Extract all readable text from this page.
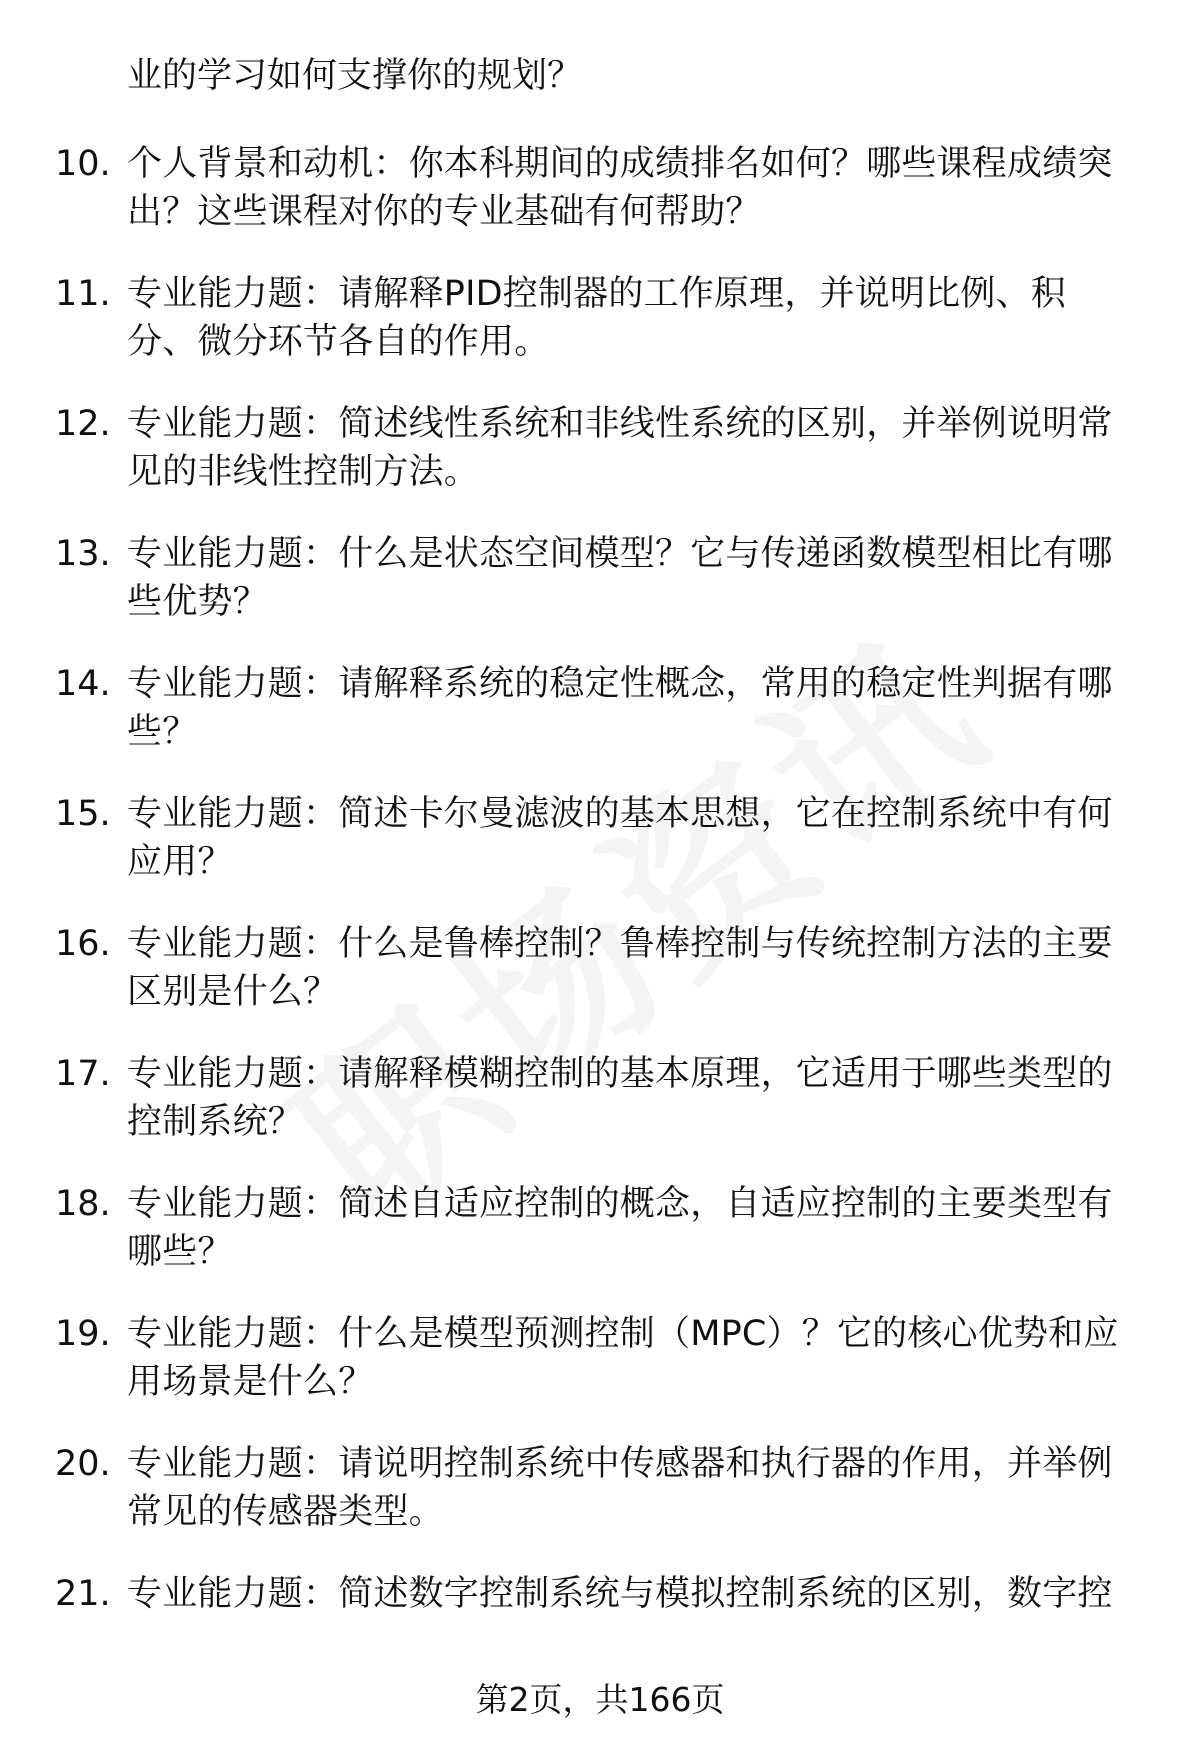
业的学习如何支撑你的规划？
10. 个人背景和动机：你本科期间的成绩排名如何？哪些课程成绩突
出？这些课程对你的专业基础有何帮助？
11. 专业能力题：请解释PID控制器的工作原理，并说明比例、积
分、微分环节各自的作用。
12. 专业能力题：简述线性系统和非线性系统的区别，并举例说明常
见的非线性控制方法。
13. 专业能力题：什么是状态空间模型？它与传递函数模型相比有哪
些优势？
14. 专业能力题：请解释系统的稳定性概念，常用的稳定性判据有哪
些？
15. 专业能力题：简述卡尔曼滤波的基本思想，它在控制系统中有何
应用？
16. 专业能力题：什么是鲁棒控制？鲁棒控制与传统控制方法的主要
区别是什么？
17. 专业能力题：请解释模糊控制的基本原理，它适用于哪些类型的
控制系统？
18. 专业能力题：简述自适应控制的概念，自适应控制的主要类型有
哪些？
19. 专业能力题：什么是模型预测控制（MPC）？它的核心优势和应
用场景是什么？
20. 专业能力题：请说明控制系统中传感器和执行器的作用，并举例
常见的传感器类型。
21. 专业能力题：简述数字控制系统与模拟控制系统的区别，数字控
第2页，共166页
